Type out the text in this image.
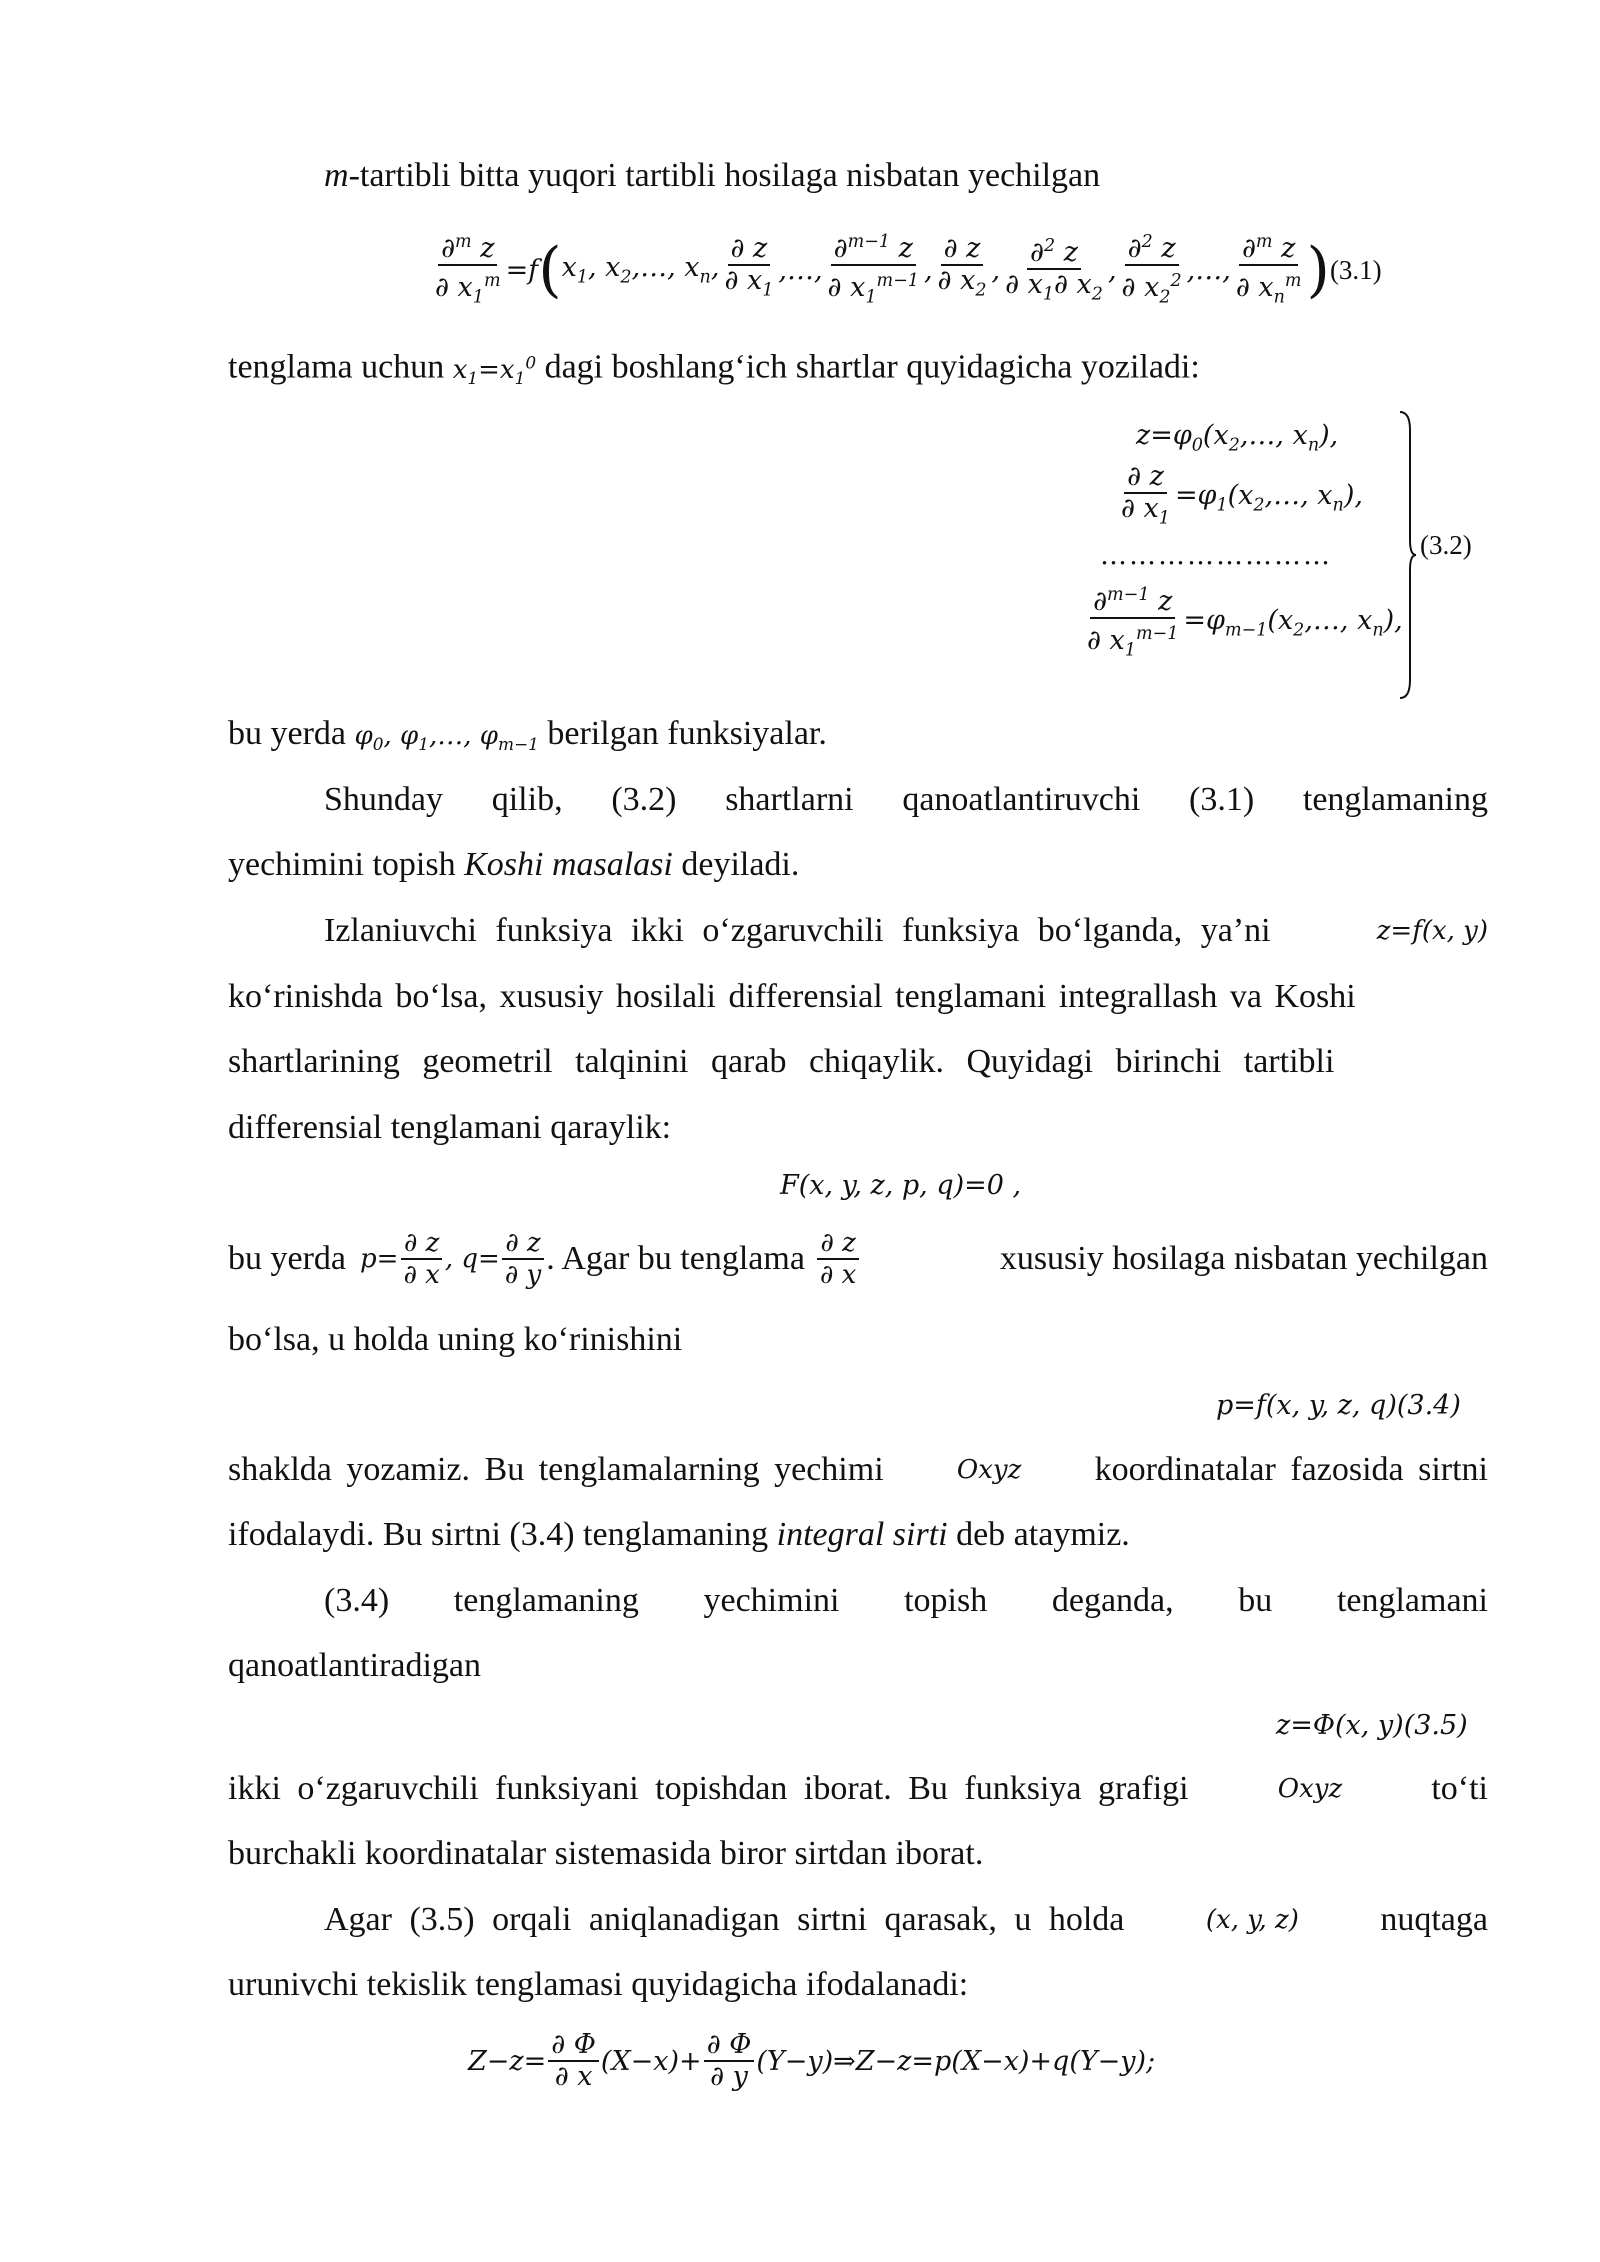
m-tartibli bitta yuqori tartibli hosilaga nisbatan yechilgan
$\frac{\partial^m z}{\partial x_1^m} =f$ ( $x_1$, $x_2,\dots$, $x_n$, $\frac{\partial z}{\partial x_1}$ ,…, $\frac{\partial^{m-1} z}{\partial x_1^{m-1}}$ , $\frac{\partial z}{\partial x_2}$ , $\frac{\partial^2 z}{\partial x_1\partial x_2}$ , $\frac{\partial^2 z}{\partial x_2^2}$ ,…, $\frac{\partial^m z}{\partial x_n^m}$ ) (3.1)
tenglama uchun $x_1=x_1^0$ dagi boshlang‘ich shartlar quyidagicha yoziladi:
$z=\varphi_0(x_2,\dots$, $x_n$),
$\frac{\partial z}{\partial x_1}$ $=\varphi_1(x_2,\dots$, $x_n$),
……………………
$\frac{\partial^{m-1} z}{\partial x_1^{m-1}}$ $=\varphi_{m-1}(x_2,\dots$, $x_n$),
(3.2)
bu yerda $\varphi_0$, $\varphi_1,\dots$, $\varphi_{m-1}$ berilgan funksiyalar.
Shunday qilib, (3.2) shartlarni qanoatlantiruvchi (3.1) tenglamaning
yechimini topish Koshi masalasi deyiladi.
Izlaniuvchi funksiya ikki o‘zgaruvchili funksiya bo‘lganda, ya’ni	z=f(x, y)
ko‘rinishda bo‘lsa, xususiy hosilali differensial tenglamani integrallash va Koshi
shartlarining geometril talqinini qarab chiqaylik. Quyidagi birinchi tartibli
differensial tenglamani qaraylik:
F(x, y, z, p, q)=0 ,
bu yerda $p= \frac{\partial z}{\partial x}$ , $q= \frac{\partial z}{\partial y}$ . Agar bu tenglama $\frac{\partial z}{\partial x}$	xususiy hosilaga nisbatan yechilgan
bo‘lsa, u holda uning ko‘rinishini
p=f(x, y, z, q)(3.4)
shaklda yozamiz. Bu tenglamalarning yechimi	Oxyz koordinatalar fazosida sirtni
ifodalaydi. Bu sirtni (3.4) tenglamaning integral sirti deb ataymiz.
(3.4) tenglamaning yechimini topish deganda, bu tenglamani
qanoatlantiradigan
z=Φ(x, y)(3.5)
ikki o‘zgaruvchili funksiyani topishdan iborat. Bu funksiya grafigi	Oxyz	to‘ti
burchakli koordinatalar sistemasida biror sirtdan iborat.
Agar (3.5) orqali aniqlanadigan sirtni qarasak, u holda	(x, y, z) nuqtaga
urunivchi tekislik tenglamasi quyidagicha ifodalanadi:
$Z-z= \frac{\partial \Phi}{\partial x} (X-x)+ \frac{\partial \Phi}{\partial y}$ (Y−y)⇒Z−z=p(X−x)+q(Y−y);
